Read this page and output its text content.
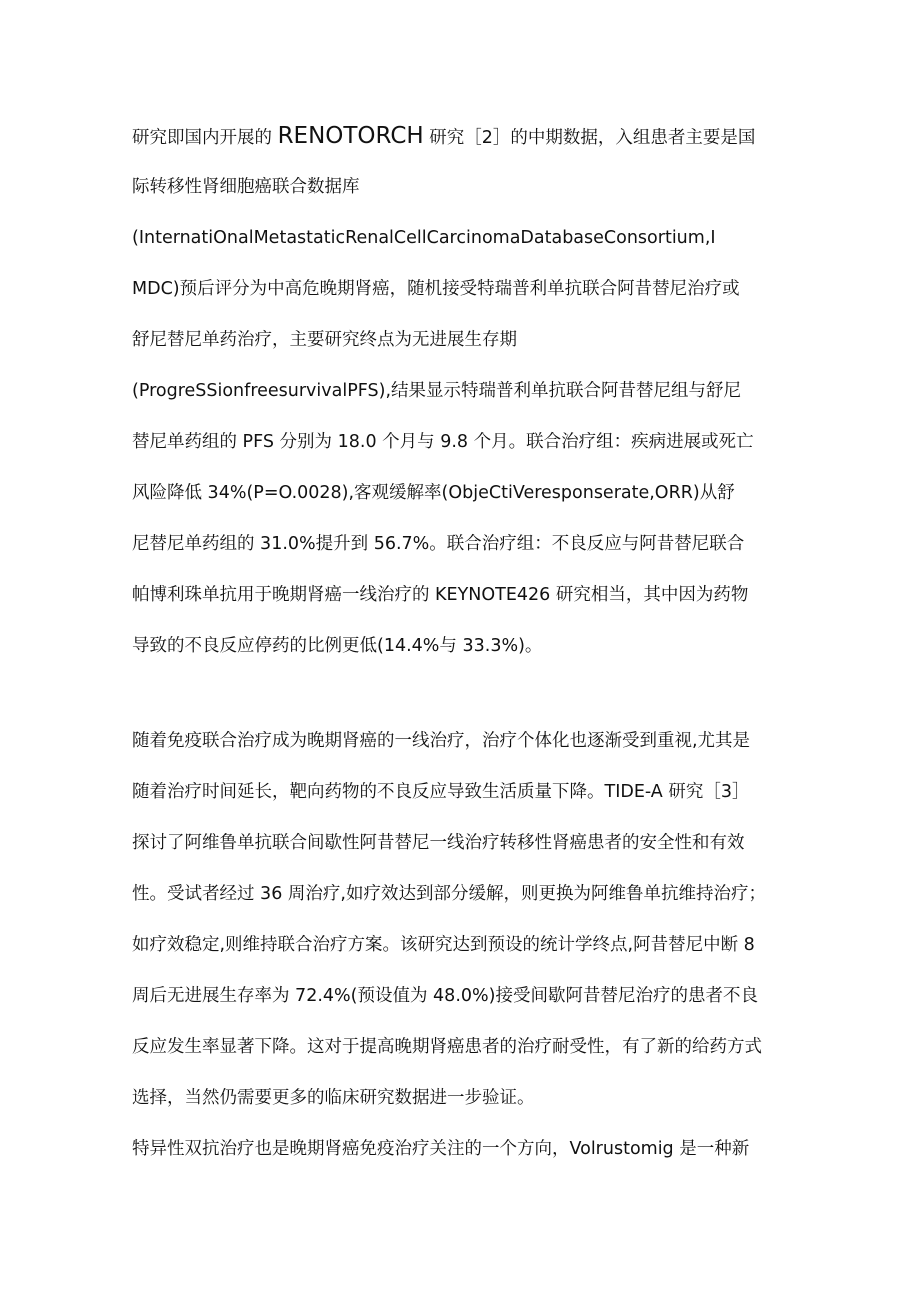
研究即国内开展的 RENOTORCH 研究［2］的中期数据，入组患者主要是国
际转移性肾细胞癌联合数据库
(InternatiOnalMetastaticRenalCellCarcinomaDatabaseConsortium,I
MDC)预后评分为中高危晚期肾癌，随机接受特瑞普利单抗联合阿昔替尼治疗或
舒尼替尼单药治疗，主要研究终点为无进展生存期
(ProgreSSionfreesurvivalPFS),结果显示特瑞普利单抗联合阿昔替尼组与舒尼
替尼单药组的 PFS 分别为 18.0 个月与 9.8 个月。联合治疗组：疾病进展或死亡
风险降低 34%(P=O.0028),客观缓解率(ObjeCtiVeresponserate,ORR)从舒
尼替尼单药组的 31.0%提升到 56.7%。联合治疗组：不良反应与阿昔替尼联合
帕博利珠单抗用于晚期肾癌一线治疗的 KEYNOTE426 研究相当，其中因为药物
导致的不良反应停药的比例更低(14.4%与 33.3%)。
随着免疫联合治疗成为晚期肾癌的一线治疗，治疗个体化也逐渐受到重视,尤其是
随着治疗时间延长，靶向药物的不良反应导致生活质量下降。TIDE-A 研究［3］
探讨了阿维鲁单抗联合间歇性阿昔替尼一线治疗转移性肾癌患者的安全性和有效
性。受试者经过 36 周治疗,如疗效达到部分缓解，则更换为阿维鲁单抗维持治疗；
如疗效稳定,则维持联合治疗方案。该研究达到预设的统计学终点,阿昔替尼中断 8
周后无进展生存率为 72.4%(预设值为 48.0%)接受间歇阿昔替尼治疗的患者不良
反应发生率显著下降。这对于提高晚期肾癌患者的治疗耐受性，有了新的给药方式
选择，当然仍需要更多的临床研究数据进一步验证。
特异性双抗治疗也是晚期肾癌免疫治疗关注的一个方向，Volrustomig 是一种新
